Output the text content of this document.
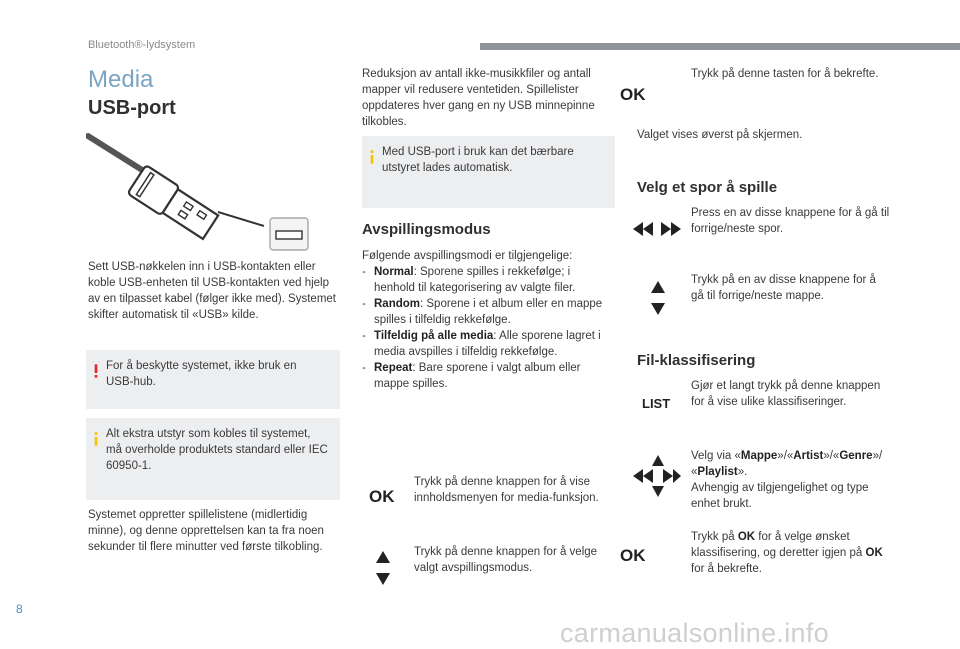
Bluetooth®-lydsystem
8
carmanualsonline.info
Media
USB-port
Sett USB-nøkkelen inn i USB-kontakten eller koble USB-enheten til USB-kontakten ved hjelp av en tilpasset kabel (følger ikke med). Systemet skifter automatisk til «USB» kilde.
For å beskytte systemet, ikke bruk en USB-hub.
Alt ekstra utstyr som kobles til systemet, må overholde produktets standard eller IEC 60950-1.
Systemet oppretter spillelistene (midlertidig minne), og denne opprettelsen kan ta fra noen sekunder til flere minutter ved første tilkobling.
Reduksjon av antall ikke-musikkfiler og antall mapper vil redusere ventetiden. Spillelister oppdateres hver gang en ny USB minnepinne tilkobles.
Med USB-port i bruk kan det bærbare utstyret lades automatisk.
Avspillingsmodus
Følgende avspillingsmodi er tilgjengelige:
- Normal: Sporene spilles i rekkefølge; i henhold til kategorisering av valgte filer.
- Random: Sporene i et album eller en mappe spilles i tilfeldig rekkefølge.
- Tilfeldig på alle media: Alle sporene lagret i media avspilles i tilfeldig rekkefølge.
- Repeat: Bare sporene i valgt album eller mappe spilles.
OK
Trykk på denne knappen for å vise innholdsmenyen for media-funksjon.
Trykk på denne knappen for å velge valgt avspillingsmodus.
OK
Trykk på denne tasten for å bekrefte.
Valget vises øverst på skjermen.
Velg et spor å spille
Press en av disse knappene for å gå til forrige/neste spor.
Trykk på en av disse knappene for å gå til forrige/neste mappe.
Fil-klassifisering
LIST
Gjør et langt trykk på denne knappen for å vise ulike klassifiseringer.
Velg via «Mappe»/«Artist»/«Genre»/ «Playlist».
Avhengig av tilgjengelighet og type enhet brukt.
OK
Trykk på OK for å velge ønsket klassifisering, og deretter igjen på OK for å bekrefte.
